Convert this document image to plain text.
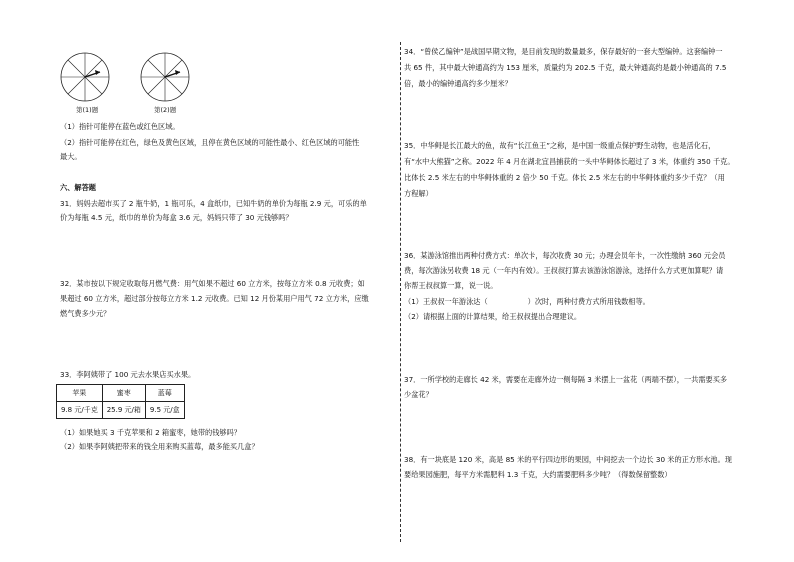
第(1)题	第(2)题
（1）指针可能停在蓝色或红色区域。
（2）指针可能停在红色，绿色及黄色区域，且停在黄色区域的可能性最小、红色区域的可能性
最大。
六、解答题
31．妈妈去超市买了 2 瓶牛奶，1 瓶可乐，4 盒纸巾，已知牛奶的单价为每瓶 2.9 元，可乐的单
价为每瓶 4.5 元，纸巾的单价为每盒 3.6 元，妈妈只带了 30 元钱够吗？
32．某市按以下规定收取每月燃气费：用气如果不超过 60 立方米，按每立方米 0.8 元收费；如
果超过 60 立方米，超过部分按每立方米 1.2 元收费。已知 12 月份某用户用气 72 立方米，应缴
燃气费多少元？
33．李阿姨带了 100 元去水果店买水果。
苹果	蜜枣	蓝莓
9.8 元/千克	25.9 元/箱	9.5 元/盒
（1）如果她买 3 千克苹果和 2 箱蜜枣，她带的钱够吗？
（2）如果李阿姨把带来的钱全用来购买蓝莓，最多能买几盒？
34．“曾侯乙编钟”是战国早期文物，是目前发现的数量最多，保存最好的一套大型编钟。这套编钟一
共 65 件，其中最大钟通高约为 153 厘米，质量约为 202.5 千克，最大钟通高约是最小钟通高的 7.5
倍，最小的编钟通高约多少厘米？
35．中华鲟是长江最大的鱼，故有“长江鱼王”之称，是中国一级重点保护野生动物，也是活化石，
有“水中大熊猫”之称。2022 年 4 月在湖北宜昌捕获的一头中华鲟体长超过了 3 米，体重约 350 千克。
比体长 2.5 米左右的中华鲟体重的 2 倍少 50 千克。体长 2.5 米左右的中华鲟体重约多少千克？（用
方程解）
36．某游泳馆推出两种付费方式：单次卡，每次收费 30 元；办理会员年卡，一次性缴纳 360 元会员
费，每次游泳另收费 18 元（一年内有效）。王叔叔打算去该游泳馆游泳，选择什么方式更加算呢？请
你帮王叔叔算一算，说一说。
（1）王叔叔一年游泳达（	）次时，两种付费方式所用钱数相等。
（2）请根据上面的计算结果，给王叔叔提出合理建议。
37．一所学校的走廊长 42 米，需要在走廊外边一侧每隔 3 米摆上一盆花（两端不摆），一共需要买多
少盆花？
38．有一块底是 120 米，高是 85 米的平行四边形的果园，中间挖去一个边长 30 米的正方形水池。现
要给果园施肥，每平方米需肥料 1.3 千克，大约需要肥料多少吨？（得数保留整数）
